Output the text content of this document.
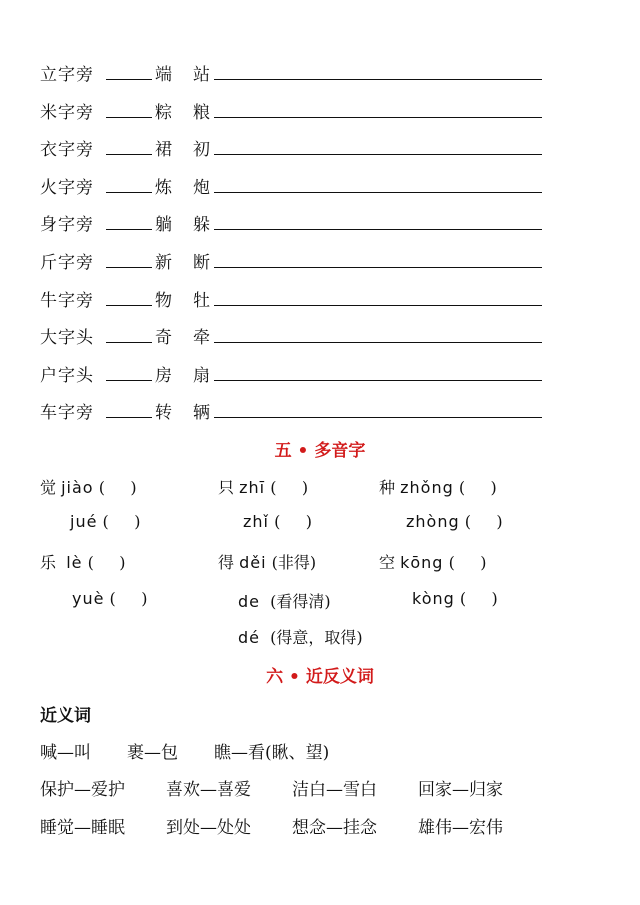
立字旁	端 站
米字旁	粽 粮
衣字旁	裙 初
火字旁	炼 炮
身字旁	躺 躲
斤字旁	新 断
牛字旁	物 牡
大字头	奇 牵
户字头	房 扇
车字旁	转 辆
五 • 多音字
觉 jiào (     )	只 zhī (     )	种 zhǒng (     )
jué (     )	zhǐ (     )	zhòng (     )
乐 lè (     )	得 děi (非得)	空 kōng (     )
yuè (     )	de (看得清)	kòng (     )
dé (得意，取得)
六 • 近反义词
近义词
喊—叫 裹—包 瞧—看(瞅、望)
保护—爱护 喜欢—喜爱 洁白—雪白 回家—归家
睡觉—睡眠 到处—处处 想念—挂念 雄伟—宏伟
